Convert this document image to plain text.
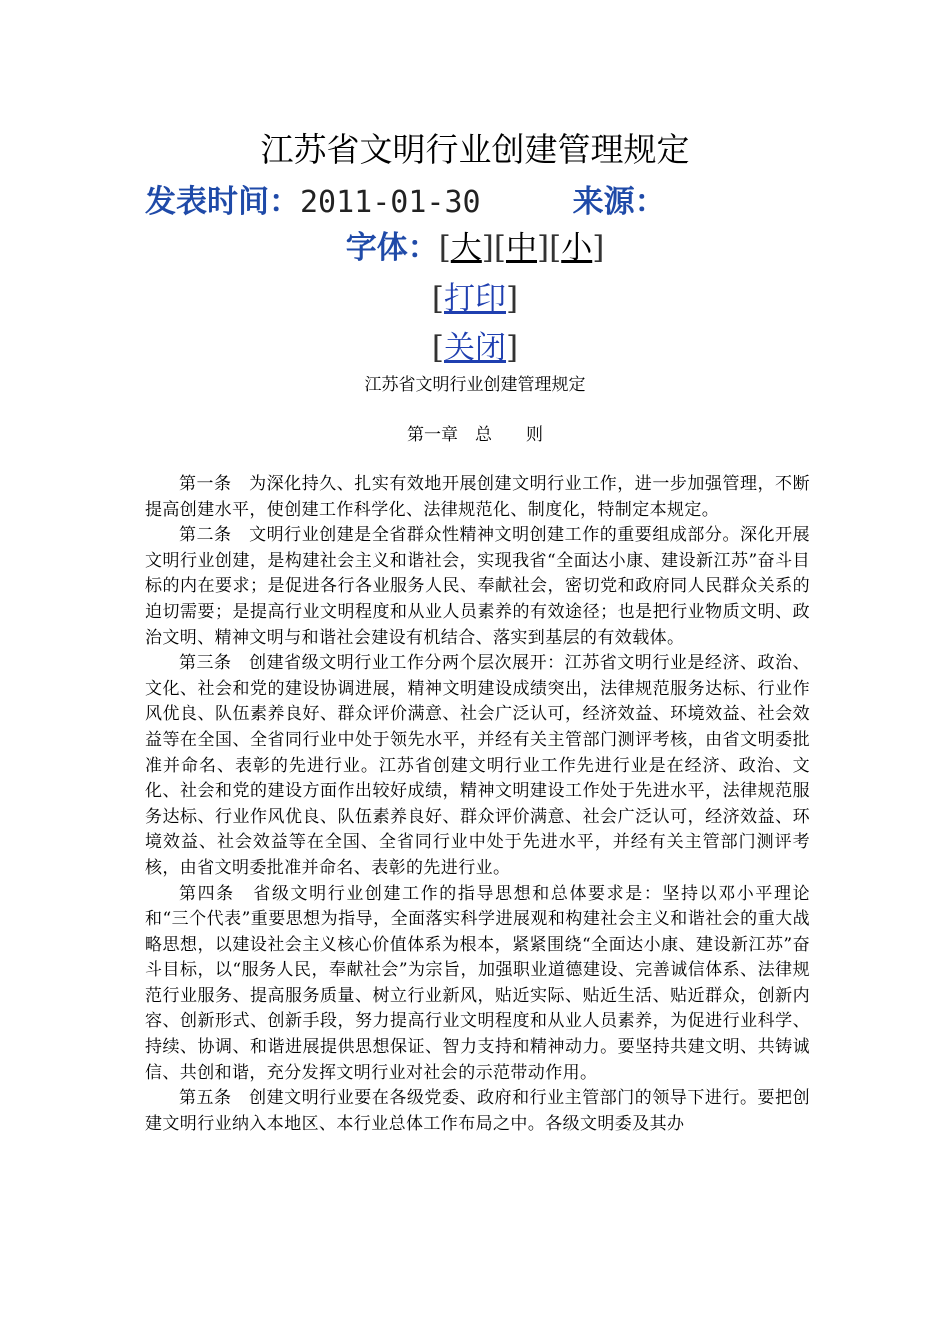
江苏省文明行业创建管理规定
发表时间：2011-01-30	来源：
字体：[大][中][小]
[打印]
[关闭]
江苏省文明行业创建管理规定
第一章　总　　则

第一条　为深化持久、扎实有效地开展创建文明行业工作，进一步加强管理，不断提高创建水平，使创建工作科学化、法律规范化、制度化，特制定本规定。

第二条　文明行业创建是全省群众性精神文明创建工作的重要组成部分。深化开展文明行业创建，是构建社会主义和谐社会，实现我省“全面达小康、建设新江苏”奋斗目标的内在要求；是促进各行各业服务人民、奉献社会，密切党和政府同人民群众关系的迫切需要；是提高行业文明程度和从业人员素养的有效途径；也是把行业物质文明、政治文明、精神文明与和谐社会建设有机结合、落实到基层的有效载体。

第三条　创建省级文明行业工作分两个层次展开：江苏省文明行业是经济、政治、文化、社会和党的建设协调进展，精神文明建设成绩突出，法律规范服务达标、行业作风优良、队伍素养良好、群众评价满意、社会广泛认可，经济效益、环境效益、社会效益等在全国、全省同行业中处于领先水平，并经有关主管部门测评考核，由省文明委批准并命名、表彰的先进行业。江苏省创建文明行业工作先进行业是在经济、政治、文化、社会和党的建设方面作出较好成绩，精神文明建设工作处于先进水平，法律规范服务达标、行业作风优良、队伍素养良好、群众评价满意、社会广泛认可，经济效益、环境效益、社会效益等在全国、全省同行业中处于先进水平，并经有关主管部门测评考核，由省文明委批准并命名、表彰的先进行业。

第四条　省级文明行业创建工作的指导思想和总体要求是：坚持以邓小平理论和“三个代表”重要思想为指导，全面落实科学进展观和构建社会主义和谐社会的重大战略思想，以建设社会主义核心价值体系为根本，紧紧围绕“全面达小康、建设新江苏”奋斗目标，以“服务人民，奉献社会”为宗旨，加强职业道德建设、完善诚信体系、法律规范行业服务、提高服务质量、树立行业新风，贴近实际、贴近生活、贴近群众，创新内容、创新形式、创新手段，努力提高行业文明程度和从业人员素养，为促进行业科学、持续、协调、和谐进展提供思想保证、智力支持和精神动力。要坚持共建文明、共铸诚信、共创和谐，充分发挥文明行业对社会的示范带动作用。

第五条　创建文明行业要在各级党委、政府和行业主管部门的领导下进行。要把创建文明行业纳入本地区、本行业总体工作布局之中。各级文明委及其办
